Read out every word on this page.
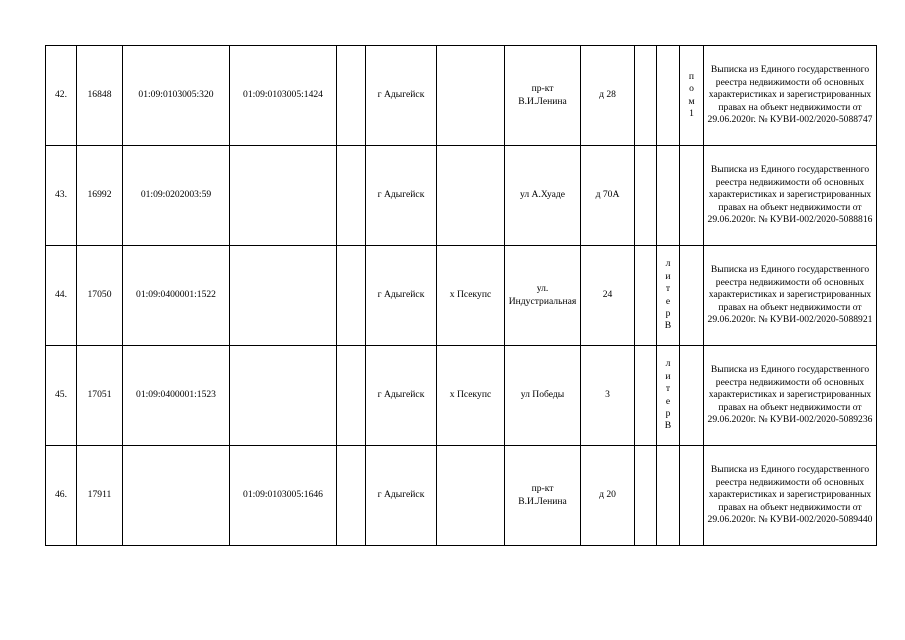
42.	16848	01:09:0103005:320	01:09:0103005:1424		г Адыгейск		пр-кт В.И.Ленина	д 28			пом 1	Выписка из Единого государственного реестра недвижимости об основных характеристиках и зарегистрированных правах на объект недвижимости от 29.06.2020г. № КУВИ-002/2020-5088747
43.	16992	01:09:0202003:59			г Адыгейск		ул А.Хуаде	д 70А				Выписка из Единого государственного реестра недвижимости об основных характеристиках и зарегистрированных правах на объект недвижимости от 29.06.2020г. № КУВИ-002/2020-5088816
44.	17050	01:09:0400001:1522			г Адыгейск	х Псекупс	ул. Индустриальная	24		литер В		Выписка из Единого государственного реестра недвижимости об основных характеристиках и зарегистрированных правах на объект недвижимости от 29.06.2020г. № КУВИ-002/2020-5088921
45.	17051	01:09:0400001:1523			г Адыгейск	х Псекупс	ул Победы	3		литер В		Выписка из Единого государственного реестра недвижимости об основных характеристиках и зарегистрированных правах на объект недвижимости от 29.06.2020г. № КУВИ-002/2020-5089236
46.	17911		01:09:0103005:1646		г Адыгейск		пр-кт В.И.Ленина	д 20				Выписка из Единого государственного реестра недвижимости об основных характеристиках и зарегистрированных правах на объект недвижимости от 29.06.2020г. № КУВИ-002/2020-5089440
